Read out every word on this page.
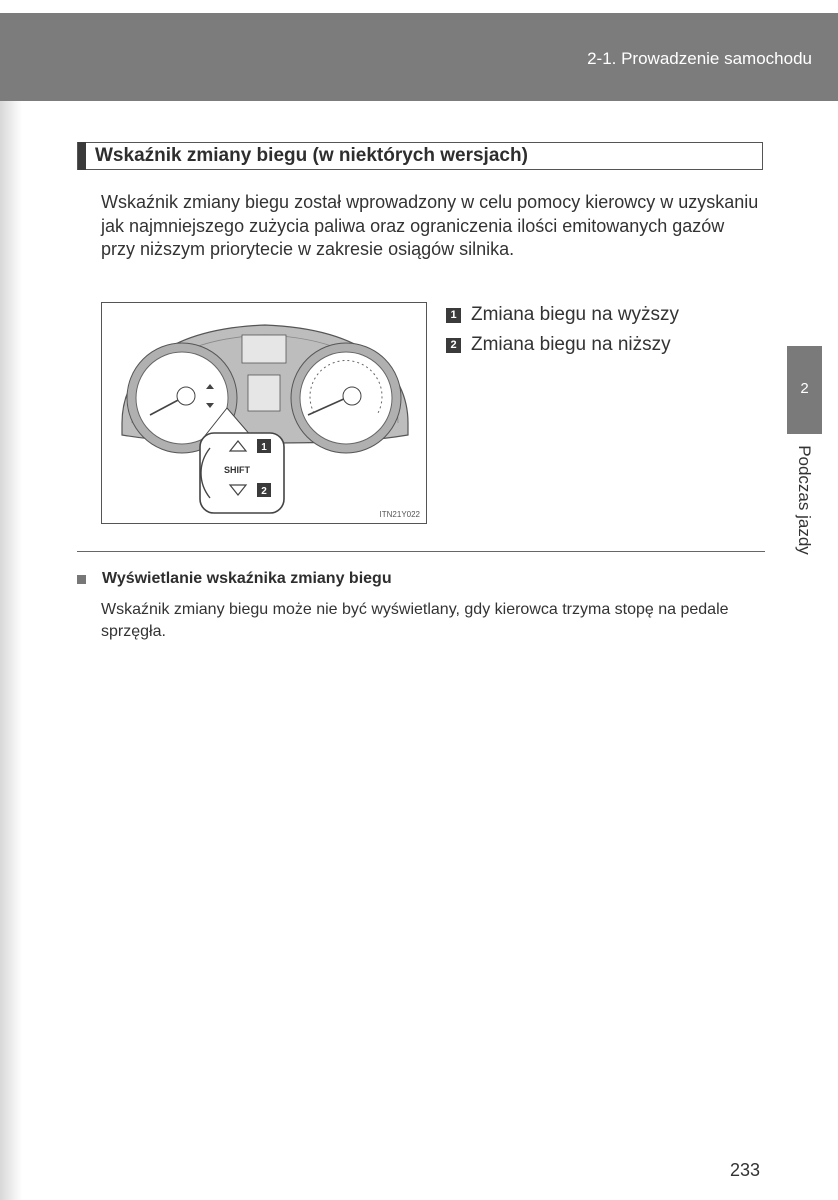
2-1. Prowadzenie samochodu
Wskaźnik zmiany biegu (w niektórych wersjach)

Wskaźnik zmiany biegu został wprowadzony w celu pomocy kierowcy w uzyskaniu jak najmniejszego zużycia paliwa oraz ograniczenia ilości emitowanych gazów przy niższym priorytecie w zakresie osiągów silnika.

SHIFT
1
2
ITN21Y022
1 Zmiana biegu na wyższy
2 Zmiana biegu na niższy
Wyświetlanie wskaźnika zmiany biegu

Wskaźnik zmiany biegu może nie być wyświetlany, gdy kierowca trzyma stopę na pedale sprzęgła.

2
Podczas jazdy
233
